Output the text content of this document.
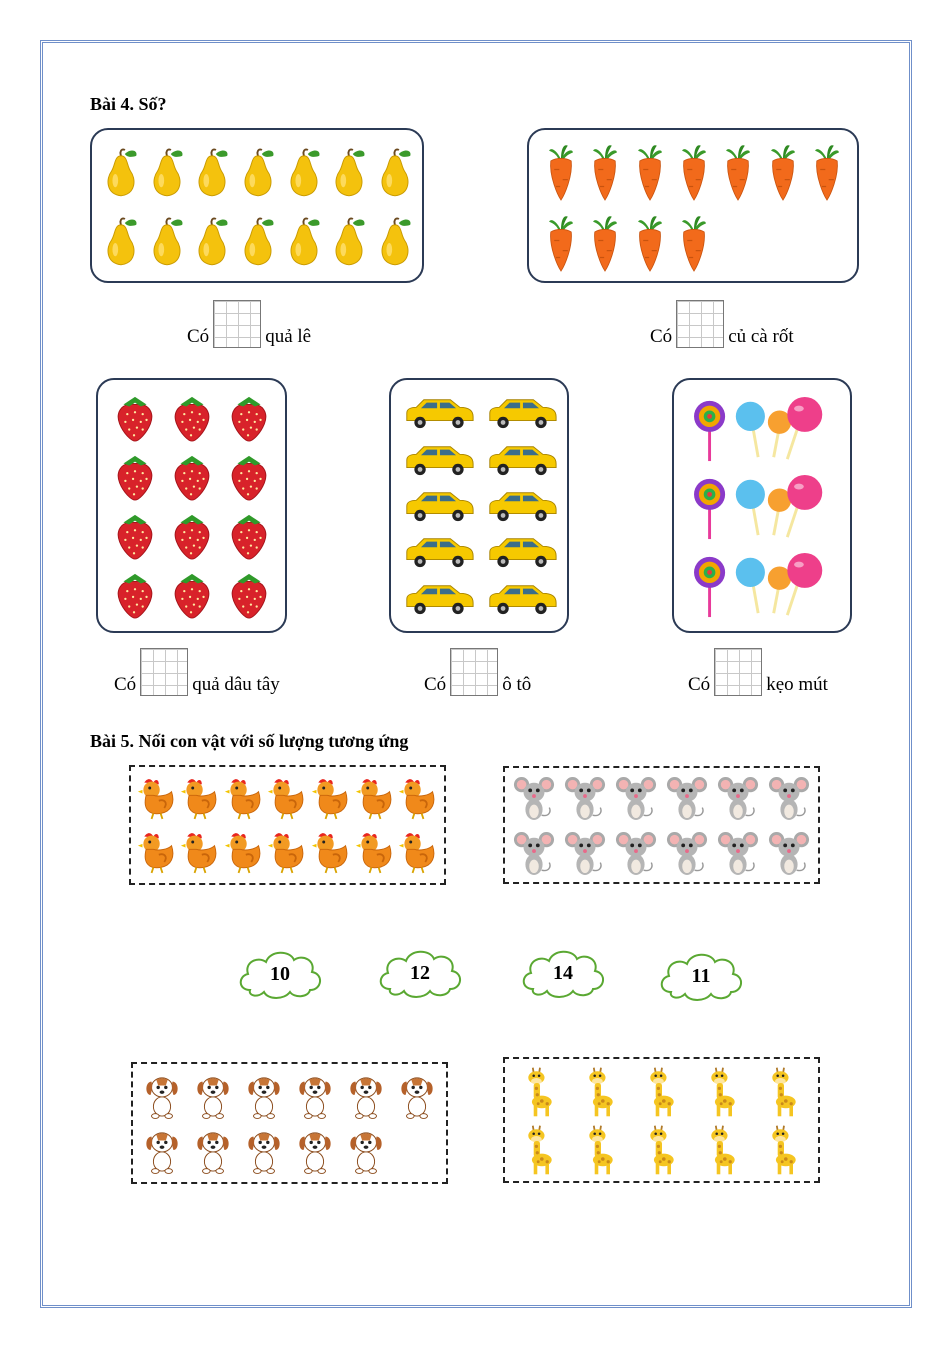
Bài 4. Số?
Có	quả lê	Có	củ cà rốt
Có	quả dâu tây	Có	ô tô	Có	kẹo mút
Bài 5. Nối con vật với số lượng tương ứng
10	12	14	11
